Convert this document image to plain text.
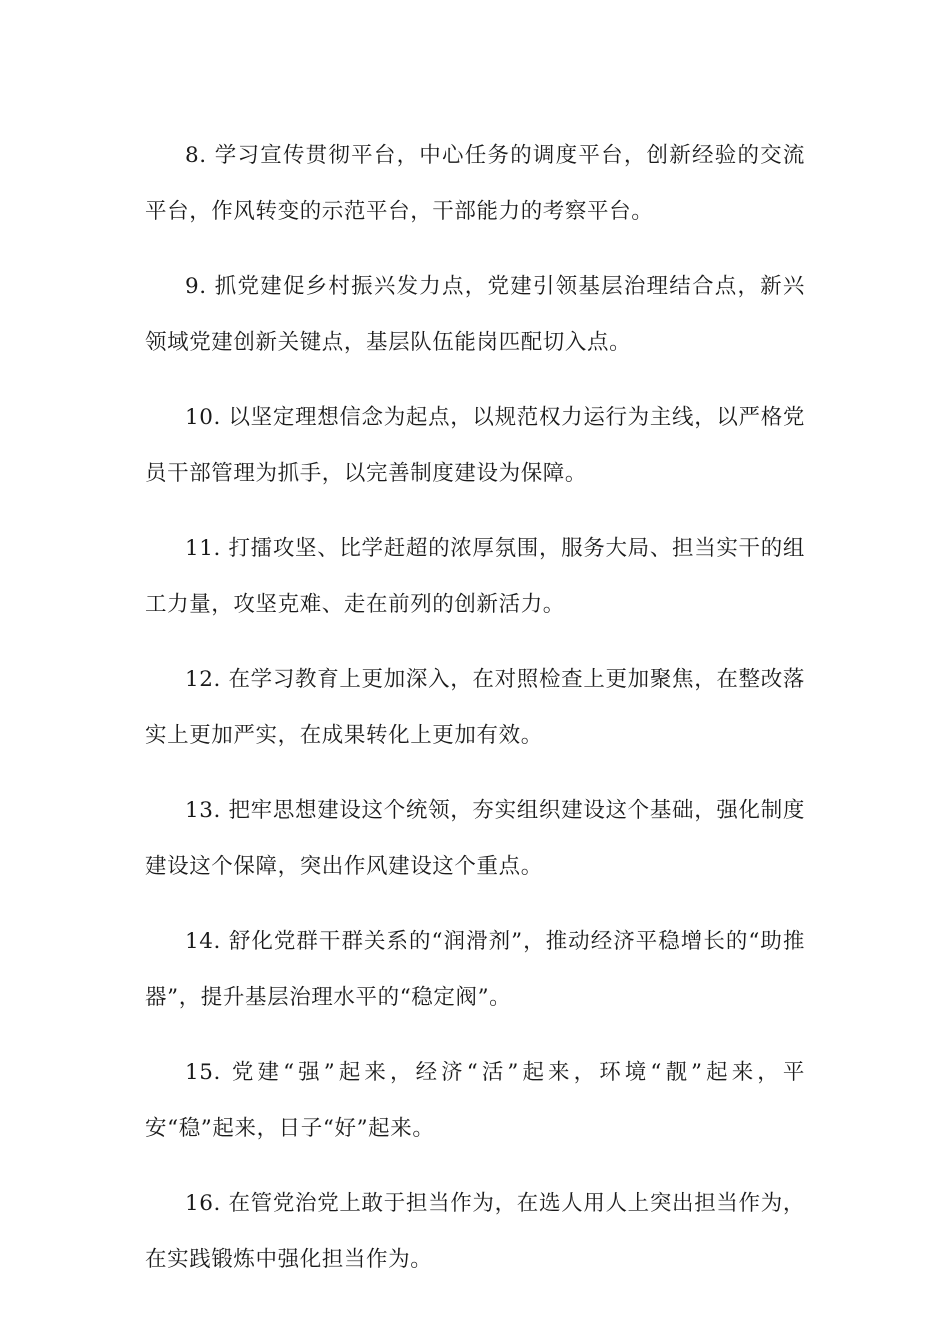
8. 学习宣传贯彻平台，中心任务的调度平台，创新经验的交流平台，作风转变的示范平台，干部能力的考察平台。

9. 抓党建促乡村振兴发力点，党建引领基层治理结合点，新兴领域党建创新关键点，基层队伍能岗匹配切入点。

10. 以坚定理想信念为起点，以规范权力运行为主线，以严格党员干部管理为抓手，以完善制度建设为保障。

11. 打擂攻坚、比学赶超的浓厚氛围，服务大局、担当实干的组工力量，攻坚克难、走在前列的创新活力。

12. 在学习教育上更加深入，在对照检查上更加聚焦，在整改落实上更加严实，在成果转化上更加有效。

13. 把牢思想建设这个统领，夯实组织建设这个基础，强化制度建设这个保障，突出作风建设这个重点。

14. 舒化党群干群关系的“润滑剂”，推动经济平稳增长的“助推器”，提升基层治理水平的“稳定阀”。

15. 党建“强”起来，经济“活”起来，环境“靓”起来，平安“稳”起来，日子“好”起来。

16. 在管党治党上敢于担当作为，在选人用人上突出担当作为，在实践锻炼中强化担当作为。
